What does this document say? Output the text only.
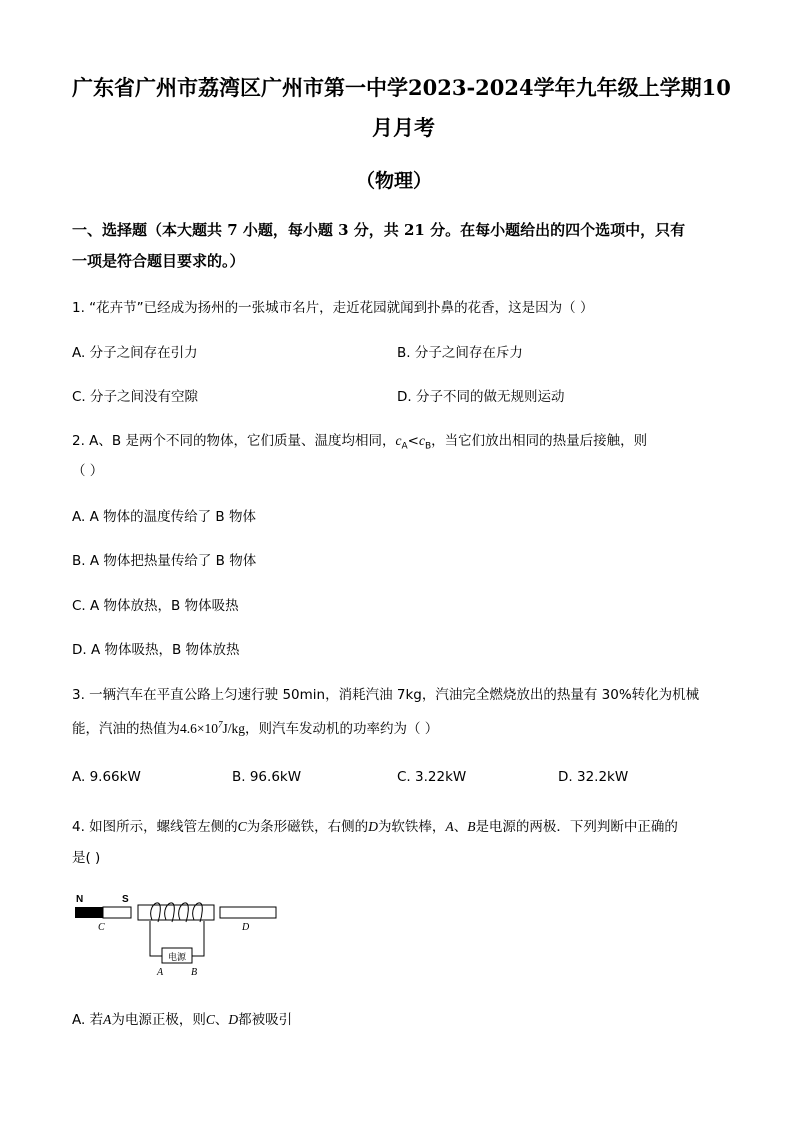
广东省广州市荔湾区广州市第一中学2023-2024学年九年级上学期10
月月考
（物理）
一、选择题（本大题共 7 小题，每小题 3 分，共 21 分。在每小题给出的四个选项中，只有
一项是符合题目要求的。）
1. “花卉节”已经成为扬州的一张城市名片，走近花园就闻到扑鼻的花香，这是因为（ ）
A. 分子之间存在引力	B. 分子之间存在斥力
C. 分子之间没有空隙	D. 分子不同的做无规则运动
2. A、B 是两个不同的物体，它们质量、温度均相同，$c_A<c_B$，当它们放出相同的热量后接触，则
（ ）
A. A 物体的温度传给了 B 物体
B. A 物体把热量传给了 B 物体
C. A 物体放热，B 物体吸热
D. A 物体吸热，B 物体放热
3. 一辆汽车在平直公路上匀速行驶 50min，消耗汽油 7kg，汽油完全燃烧放出的热量有 30%转化为机械
能，汽油的热值为$4.6\times 10^7J/kg$，则汽车发动机的功率约为（ ）
A. 9.66kW	B. 96.6kW	C. 3.22kW	D. 32.2kW
4. 如图所示，螺线管左侧的C为条形磁铁，右侧的D为软铁棒，A、B是电源的两极．下列判断中正确的
是( )
N	S
C
电源
A	B
D
A. 若A为电源正极，则C、D都被吸引
